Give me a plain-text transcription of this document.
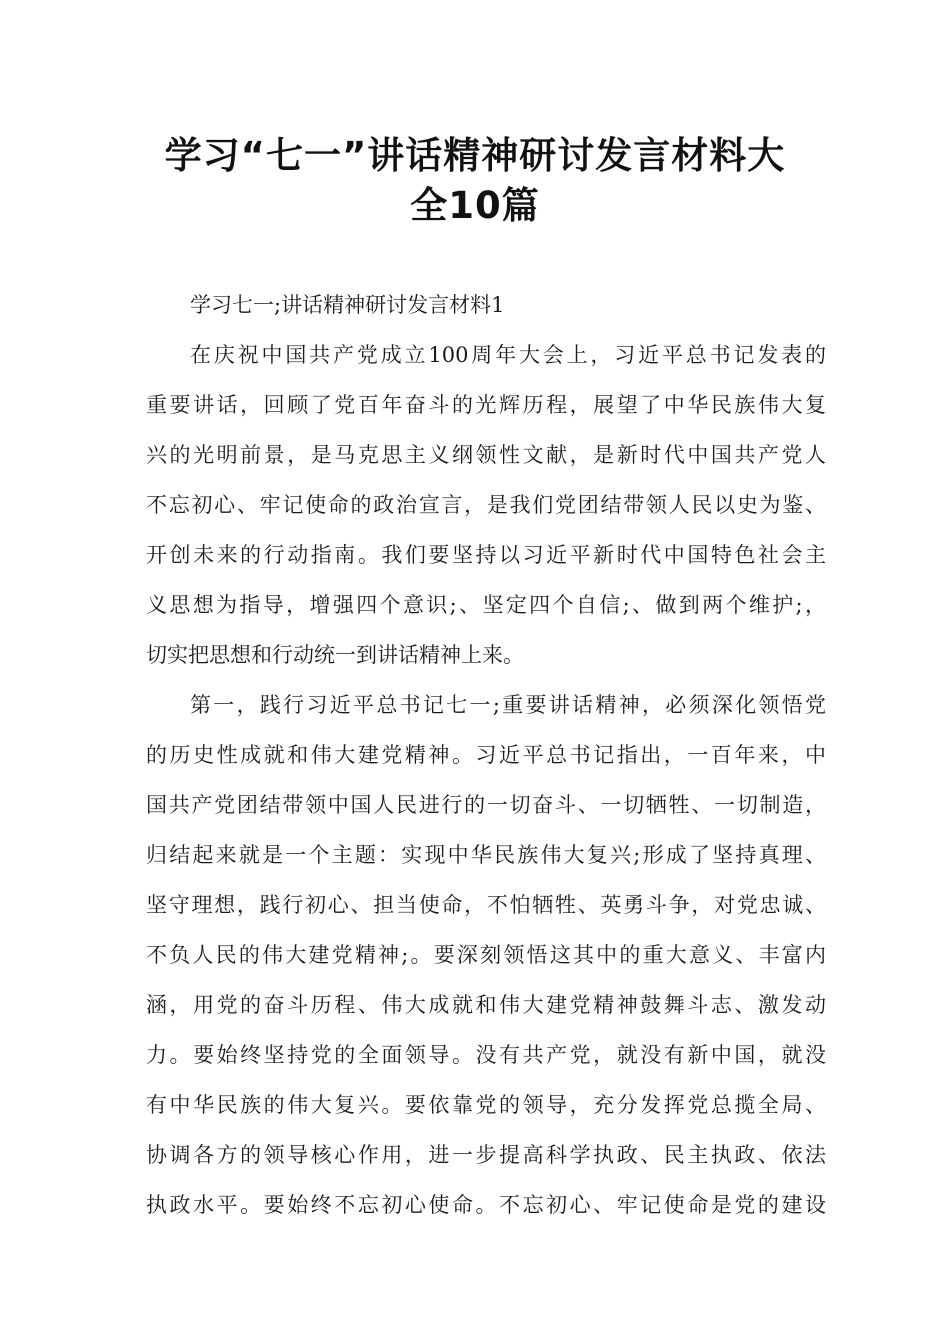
学习“七一”讲话精神研讨发言材料大
全10篇
学习七一;讲话精神研讨发言材料1
在庆祝中国共产党成立100周年大会上，习近平总书记发表的
重要讲话，回顾了党百年奋斗的光辉历程，展望了中华民族伟大复
兴的光明前景，是马克思主义纲领性文献，是新时代中国共产党人
不忘初心、牢记使命的政治宣言，是我们党团结带领人民以史为鉴、
开创未来的行动指南。我们要坚持以习近平新时代中国特色社会主
义思想为指导，增强四个意识;、坚定四个自信;、做到两个维护;，
切实把思想和行动统一到讲话精神上来。
第一，践行习近平总书记七一;重要讲话精神，必须深化领悟党
的历史性成就和伟大建党精神。习近平总书记指出，一百年来，中
国共产党团结带领中国人民进行的一切奋斗、一切牺牲、一切制造，
归结起来就是一个主题：实现中华民族伟大复兴;形成了坚持真理、
坚守理想，践行初心、担当使命，不怕牺牲、英勇斗争，对党忠诚、
不负人民的伟大建党精神;。要深刻领悟这其中的重大意义、丰富内
涵，用党的奋斗历程、伟大成就和伟大建党精神鼓舞斗志、激发动
力。要始终坚持党的全面领导。没有共产党，就没有新中国，就没
有中华民族的伟大复兴。要依靠党的领导，充分发挥党总揽全局、
协调各方的领导核心作用，进一步提高科学执政、民主执政、依法
执政水平。要始终不忘初心使命。不忘初心、牢记使命是党的建设
